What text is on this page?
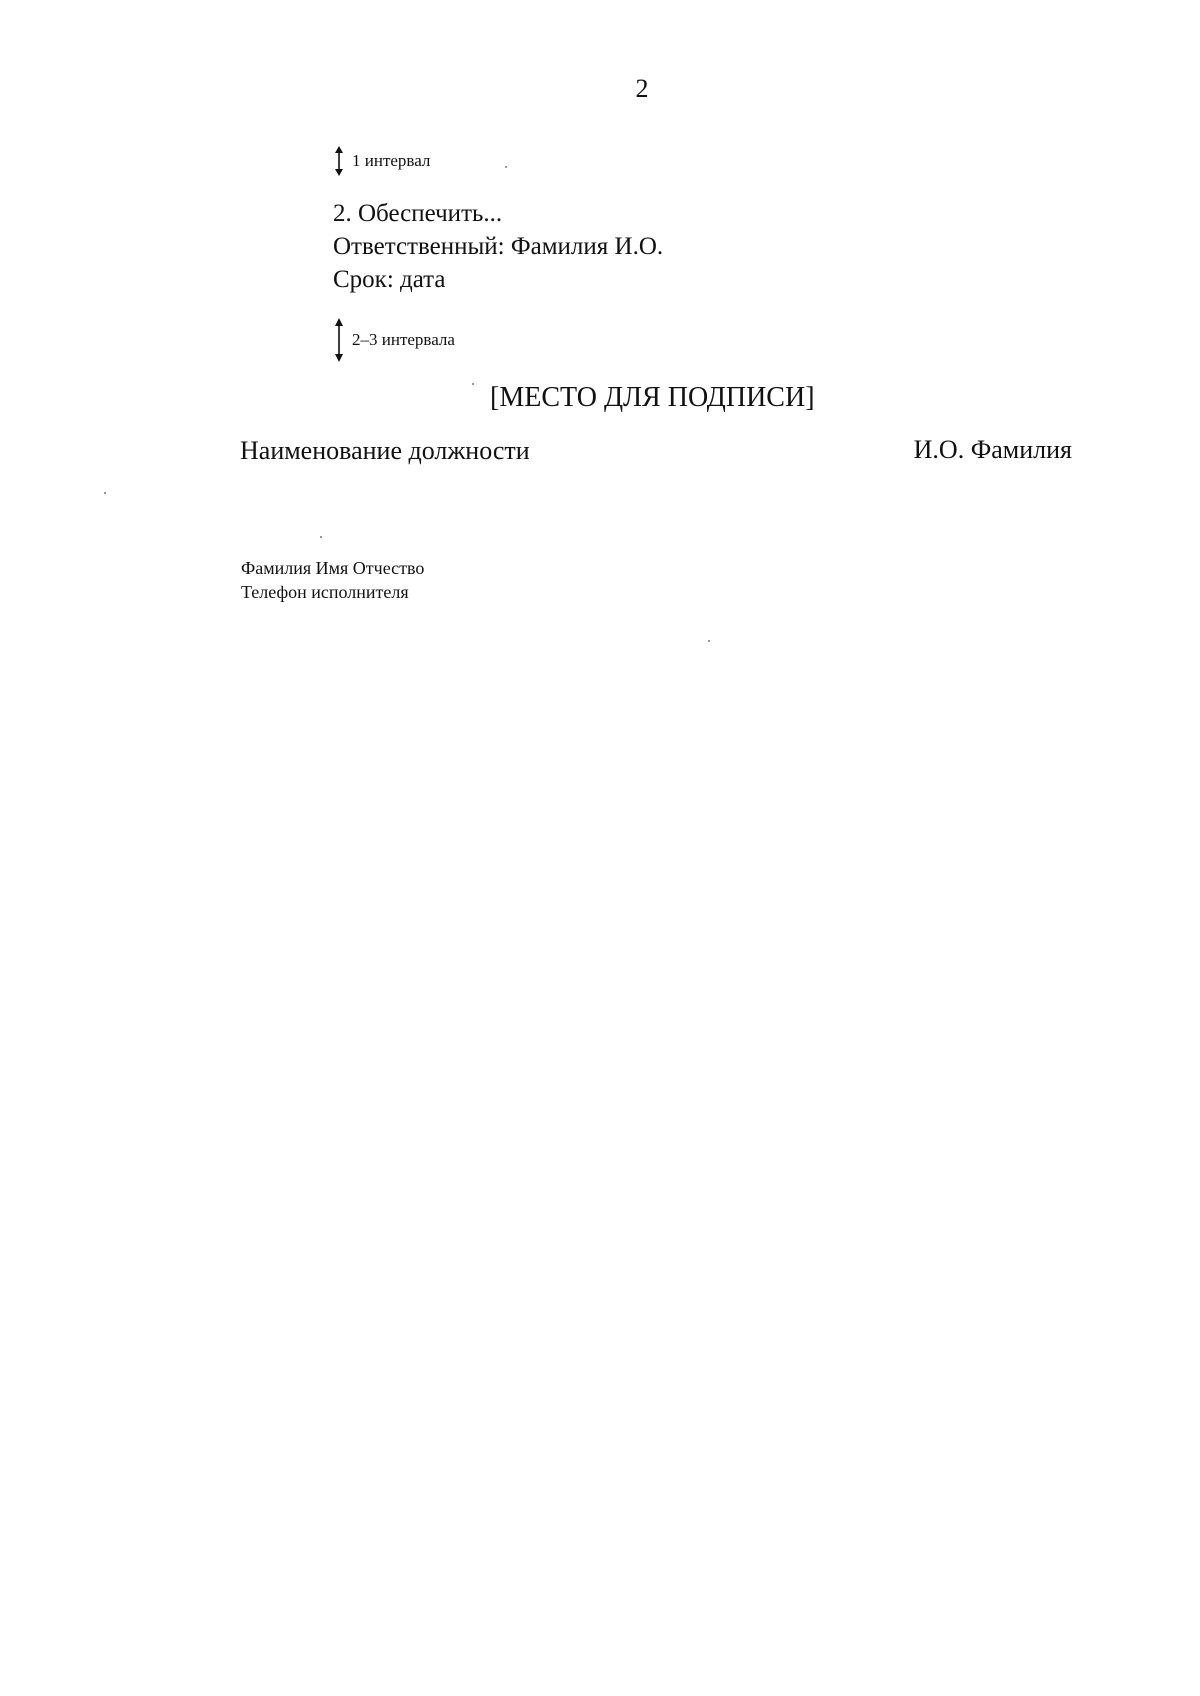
2
1 интервал
2. Обеспечить...
Ответственный: Фамилия И.О.
Срок: дата
2–3 интервала
[МЕСТО ДЛЯ ПОДПИСИ]
Наименование должности	И.О. Фамилия
Фамилия Имя Отчество
Телефон исполнителя
